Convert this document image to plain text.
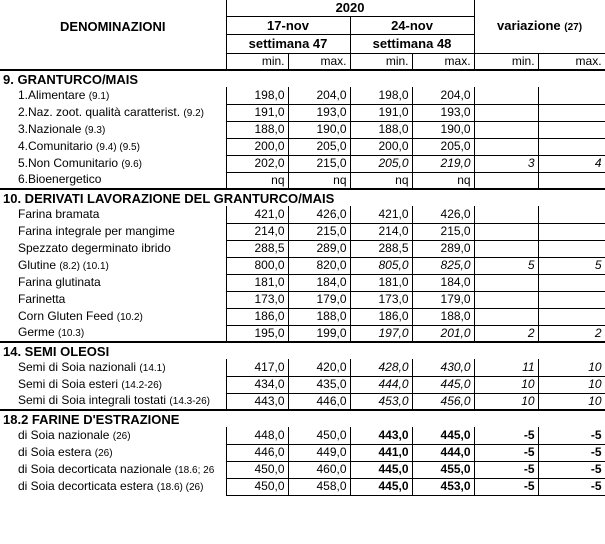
DENOMINAZIONI	2020				variazione (27)	
	17-nov		24-nov			
	settimana 47		settimana 48			
	min.	max.	min.	max.	min.	max.
9. GRANTURCO/MAIS						
1.Alimentare (9.1)	198,0	204,0	198,0	204,0		
2.Naz. zoot. qualità caratterist. (9.2)	191,0	193,0	191,0	193,0		
3.Nazionale (9.3)	188,0	190,0	188,0	190,0		
4.Comunitario (9.4) (9.5)	200,0	205,0	200,0	205,0		
5.Non Comunitario (9.6)	202,0	215,0	205,0	219,0	3	4
6.Bioenergetico	nq	nq	nq	nq		
10. DERIVATI LAVORAZIONE DEL GRANTURCO/MAIS						
Farina bramata	421,0	426,0	421,0	426,0		
Farina integrale per mangime	214,0	215,0	214,0	215,0		
Spezzato degerminato ibrido	288,5	289,0	288,5	289,0		
Glutine (8.2) (10.1)	800,0	820,0	805,0	825,0	5	5
Farina glutinata	181,0	184,0	181,0	184,0		
Farinetta	173,0	179,0	173,0	179,0		
Corn Gluten Feed (10.2)	186,0	188,0	186,0	188,0		
Germe (10.3)	195,0	199,0	197,0	201,0	2	2
14. SEMI OLEOSI						
Semi di Soia nazionali (14.1)	417,0	420,0	428,0	430,0	11	10
Semi di Soia esteri (14.2-26)	434,0	435,0	444,0	445,0	10	10
Semi di Soia integrali tostati (14.3-26)	443,0	446,0	453,0	456,0	10	10
18.2 FARINE D'ESTRAZIONE						
di Soia nazionale (26)	448,0	450,0	443,0	445,0	-5	-5
di Soia estera (26)	446,0	449,0	441,0	444,0	-5	-5
di Soia decorticata nazionale (18.6; 26	450,0	460,0	445,0	455,0	-5	-5
di Soia decorticata estera (18.6) (26)	450,0	458,0	445,0	453,0	-5	-5
